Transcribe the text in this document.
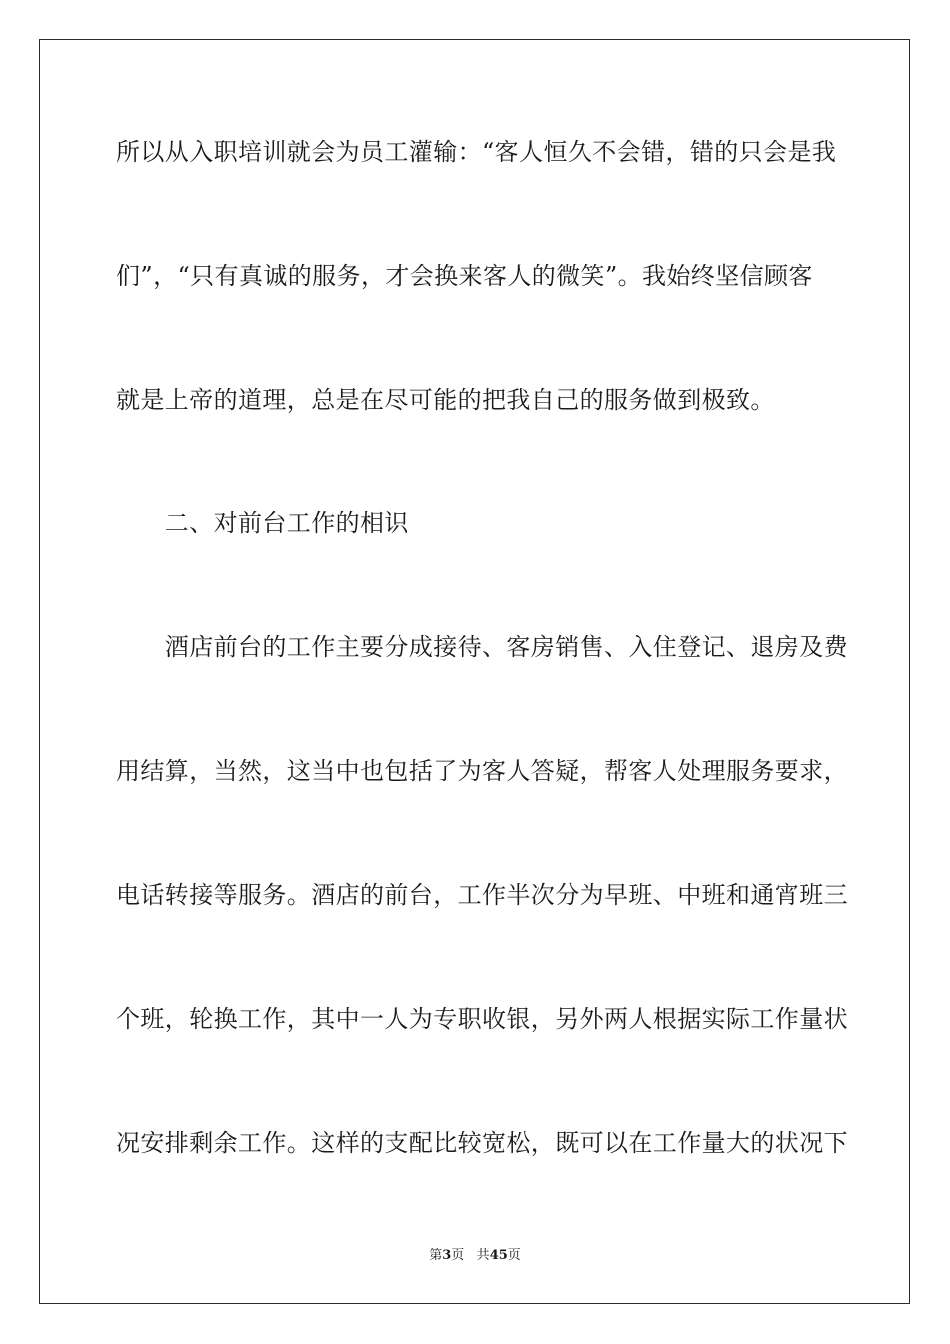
所以从入职培训就会为员工灌输：“客人恒久不会错，错的只会是我
们”，“只有真诚的服务，才会换来客人的微笑”。我始终坚信顾客
就是上帝的道理，总是在尽可能的把我自己的服务做到极致。
　　二、对前台工作的相识
　　酒店前台的工作主要分成接待、客房销售、入住登记、退房及费
用结算，当然，这当中也包括了为客人答疑，帮客人处理服务要求，
电话转接等服务。酒店的前台，工作半次分为早班、中班和通宵班三
个班，轮换工作，其中一人为专职收银，另外两人根据实际工作量状
况安排剩余工作。这样的支配比较宽松，既可以在工作量大的状况下
第3页 共45页
